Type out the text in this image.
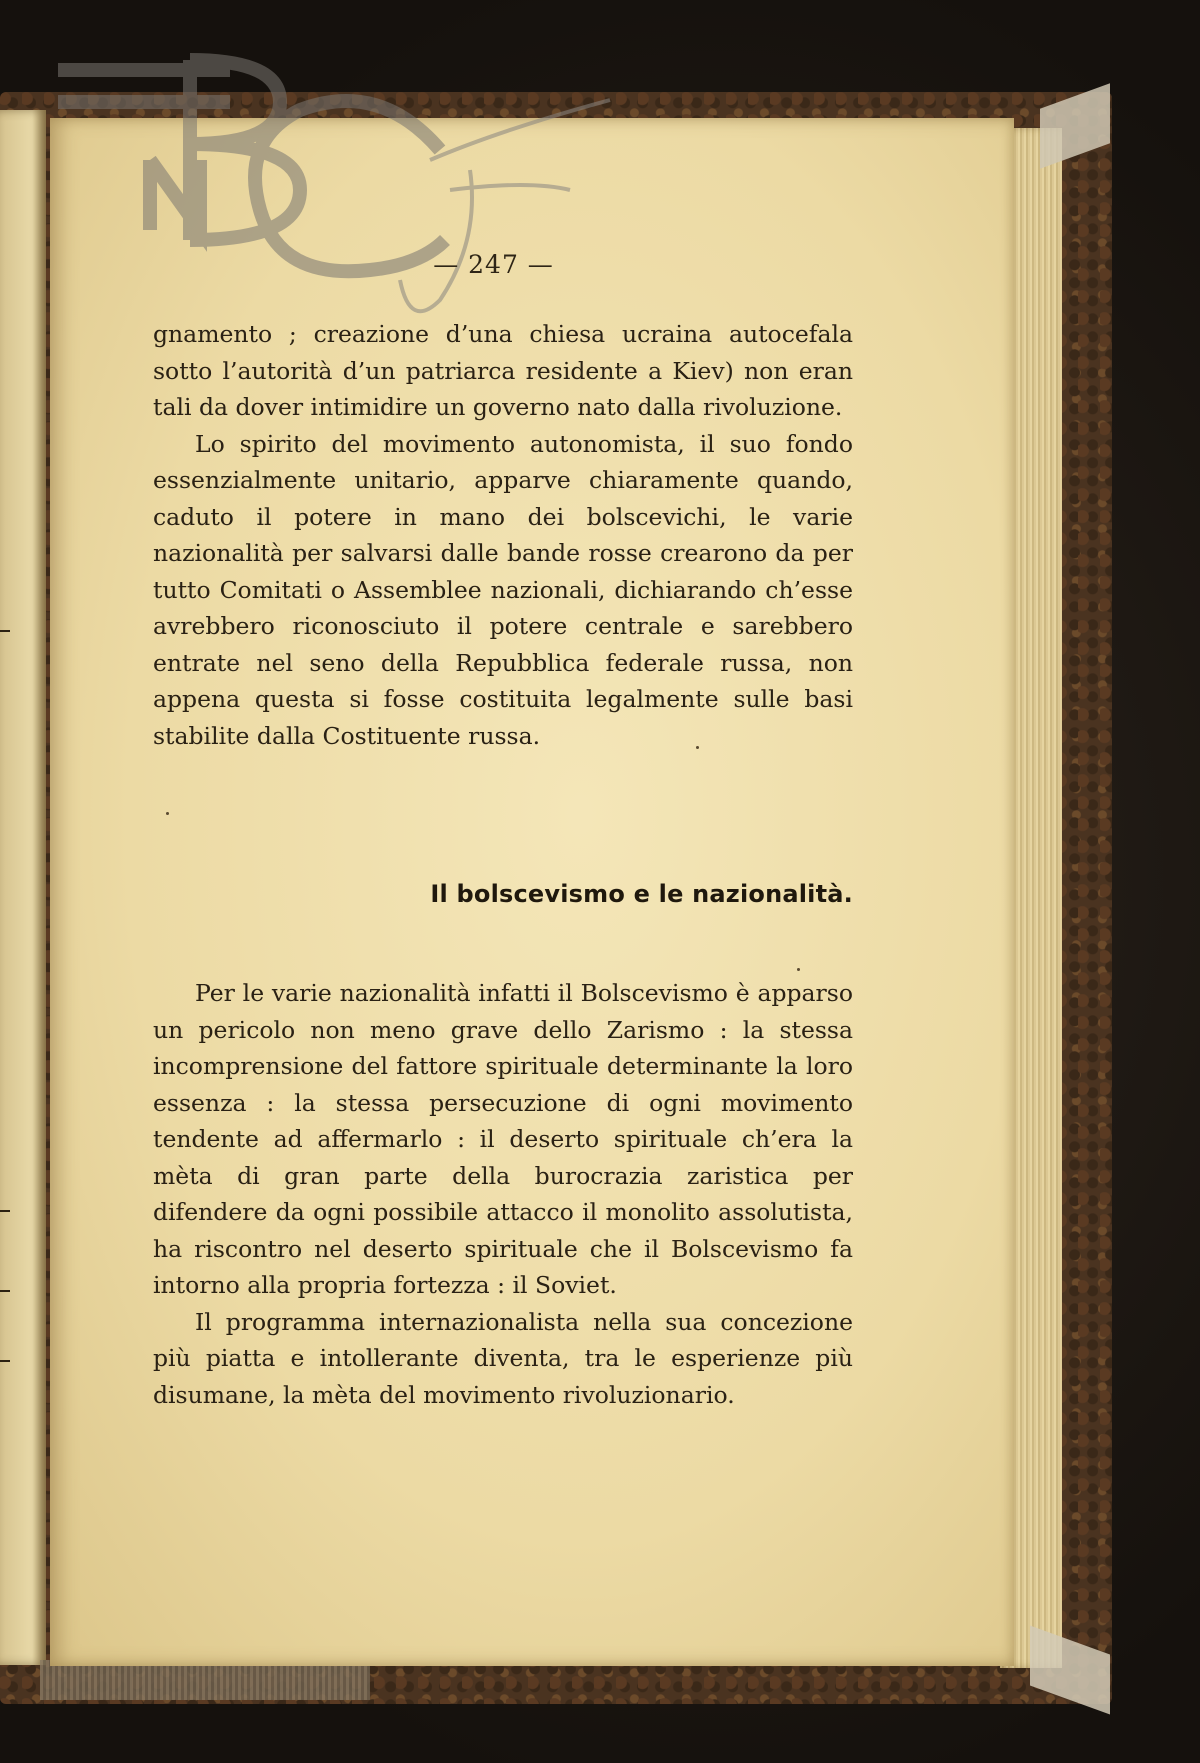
— 247 —

gnamento ; creazione d’una chiesa ucraina autocefala sotto l’autorità d’un patriarca residente a Kiev) non eran tali da dover intimidire un governo nato dalla rivoluzione.

Lo spirito del movimento autonomista, il suo fondo essenzialmente unitario, apparve chiaramente quando, caduto il potere in mano dei bolscevichi, le varie nazionalità per salvarsi dalle bande rosse crearono da per tutto Comitati o Assemblee nazionali, dichiarando ch’esse avrebbero riconosciuto il potere centrale e sarebbero entrate nel seno della Repubblica federale russa, non appena questa si fosse costituita legalmente sulle basi stabilite dalla Costituente russa.

Il bolscevismo e le nazionalità.

Per le varie nazionalità infatti il Bolscevismo è apparso un pericolo non meno grave dello Zarismo : la stessa incomprensione del fattore spirituale determinante la loro essenza : la stessa persecuzione di ogni movimento tendente ad affermarlo : il deserto spirituale ch’era la mèta di gran parte della burocrazia zaristica per difendere da ogni possibile attacco il monolito assolutista, ha riscontro nel deserto spirituale che il Bolscevismo fa intorno alla propria fortezza : il Soviet.

Il programma internazionalista nella sua concezione più piatta e intollerante diventa, tra le esperienze più disumane, la mèta del movimento rivoluzionario.
